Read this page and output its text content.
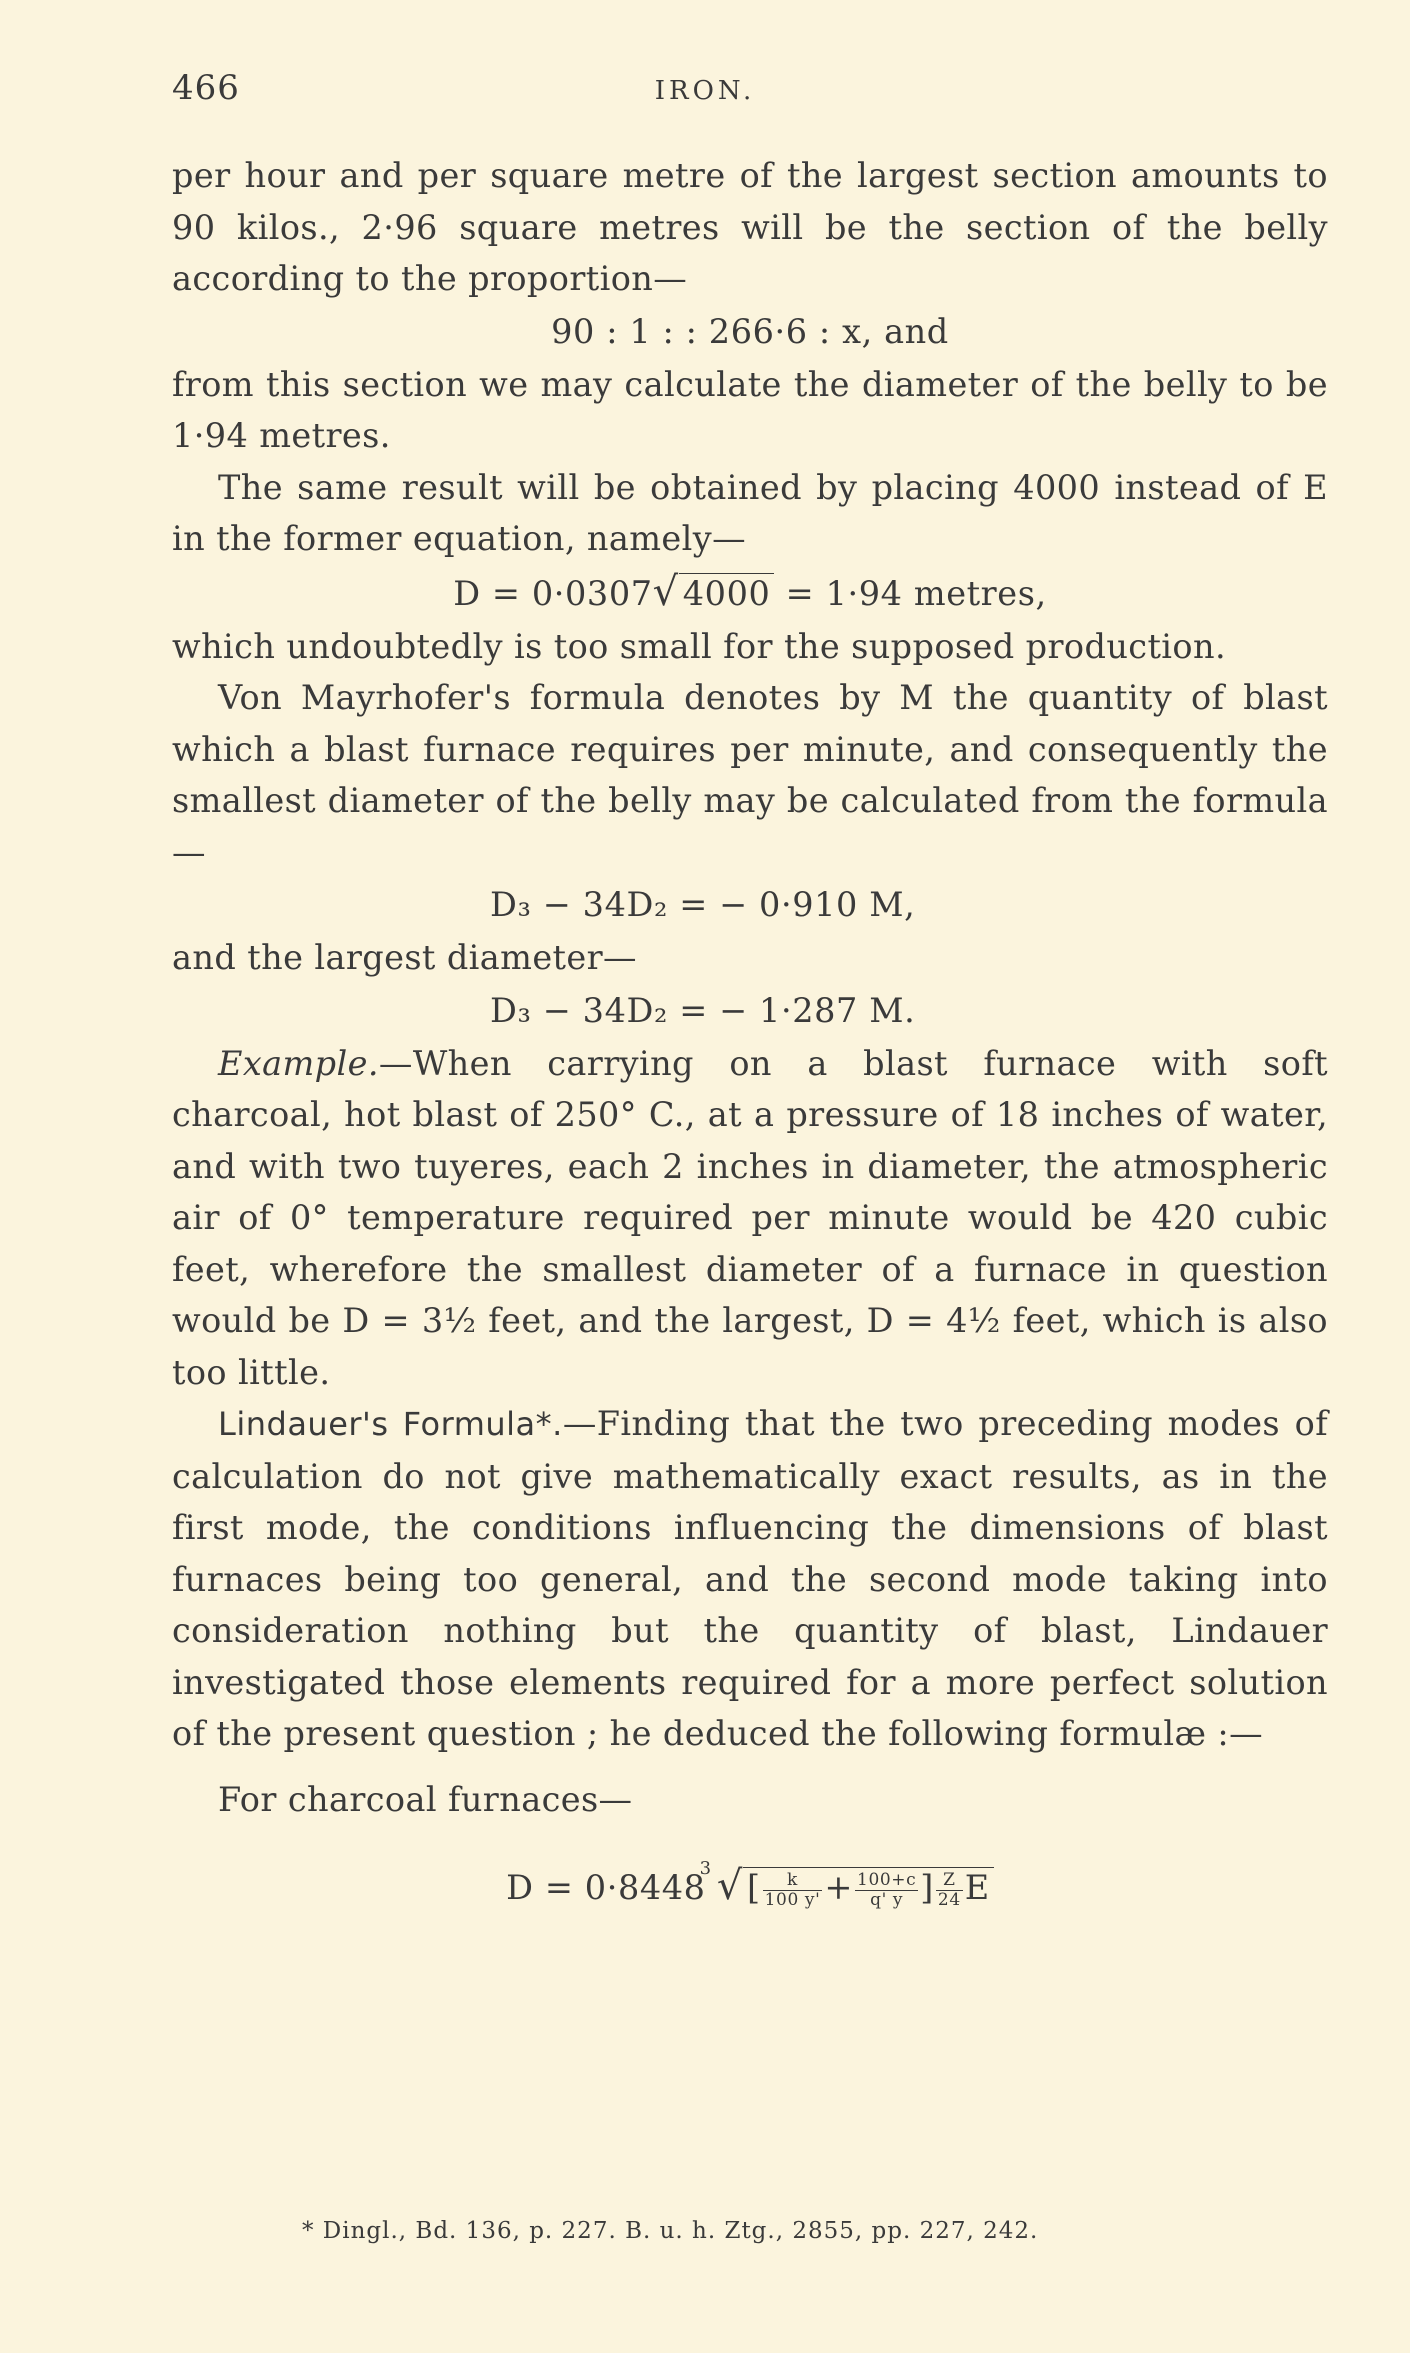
466	IRON.

per hour and per square metre of the largest section amounts to 90 kilos., 2·96 square metres will be the section of the belly according to the proportion—

90 : 1 : : 266·6 : x, and

from this section we may calculate the diameter of the belly to be 1·94 metres.

The same result will be obtained by placing 4000 instead of E in the former equation, namely—

D = 0·0307√ 4000 = 1·94 metres,

which undoubtedly is too small for the supposed production.

Von Mayrhofer's formula denotes by M the quantity of blast which a blast furnace requires per minute, and consequently the smallest diameter of the belly may be calculated from the formula—

D₃ − 34D₂ = − 0·910 M,

and the largest diameter—

D₃ − 34D₂ = − 1·287 M.

Example.—When carrying on a blast furnace with soft charcoal, hot blast of 250° C., at a pressure of 18 inches of water, and with two tuyeres, each 2 inches in diameter, the atmospheric air of 0° temperature required per minute would be 420 cubic feet, wherefore the smallest diameter of a furnace in question would be D = 3½ feet, and the largest, D = 4½ feet, which is also too little.

Lindauer's Formula*.—Finding that the two preceding modes of calculation do not give mathematically exact results, as in the first mode, the conditions influencing the dimensions of blast furnaces being too general, and the second mode taking into consideration nothing but the quantity of blast, Lindauer investigated those elements required for a more perfect solution of the present question ; he deduced the following formulæ :—

For charcoal furnaces—

D = 0·8448
3 √ [ $\frac{k}{100 y'} + \frac{100+c}{q' y}$ ] $\frac{Z}{24}$ E

* Dingl., Bd. 136, p. 227. B. u. h. Ztg., 2855, pp. 227, 242.
